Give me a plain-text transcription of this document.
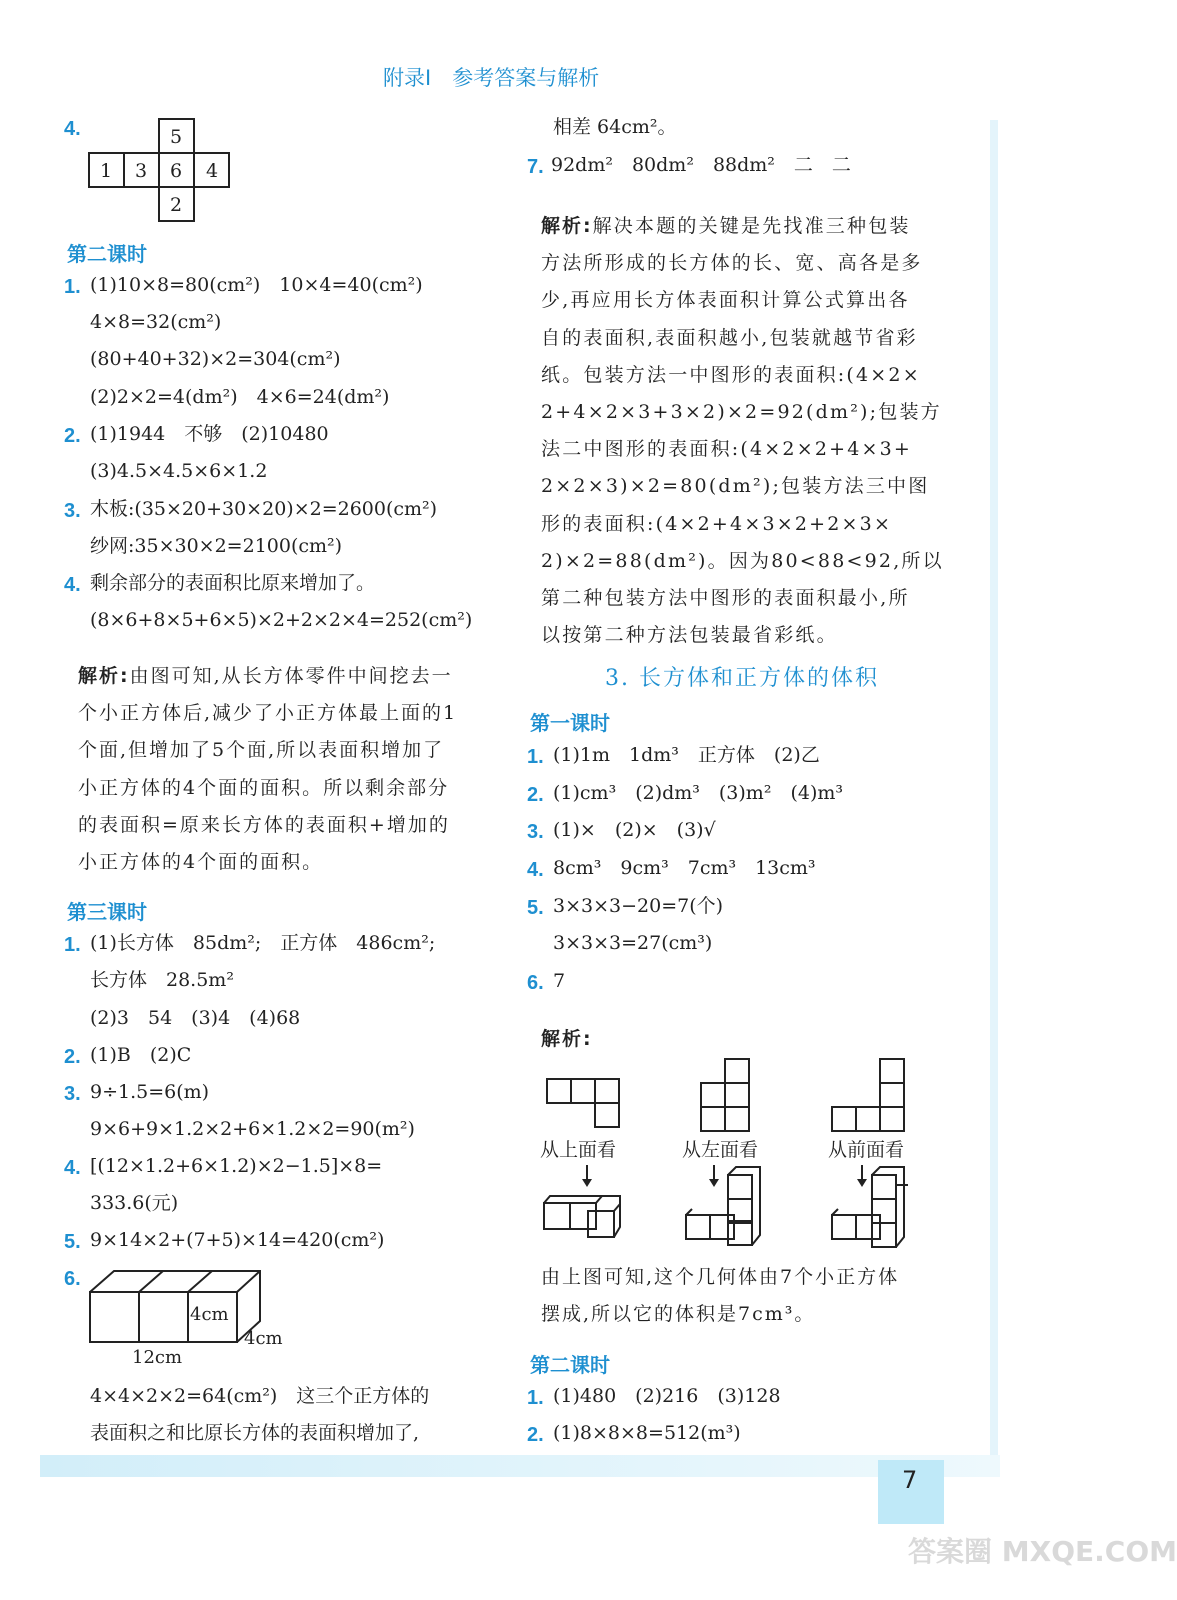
附录Ⅰ　参考答案与解析
4.
第二课时
1. (1)10×8=80(cm²)　10×4=40(cm²)
4×8=32(cm²)
(80+40+32)×2=304(cm²)
(2)2×2=4(dm²)　4×6=24(dm²)
2. (1)1944　不够　(2)10480
(3)4.5×4.5×6×1.2
3. 木板:(35×20+30×20)×2=2600(cm²)
纱网:35×30×2=2100(cm²)
4. 剩余部分的表面积比原来增加了。
(8×6+8×5+6×5)×2+2×2×4=252(cm²)
第三课时
1. (1)长方体　85dm²;　正方体　486cm²;
长方体　28.5m²
(2)3　54　(3)4　(4)68
2. (1)B　(2)C
3. 9÷1.5=6(m)
9×6+9×1.2×2+6×1.2×2=90(m²)
4. [(12×1.2+6×1.2)×2−1.5]×8=
333.6(元)
5. 9×14×2+(7+5)×14=420(cm²)
6.
4×4×2×2=64(cm²)　这三个正方体的
表面积之和比原长方体的表面积增加了,
相差 64cm²。
7. 92dm²　80dm²　88dm²　二　二
3. 长方体和正方体的体积
第一课时
1. (1)1m　1dm³　正方体　(2)乙
2. (1)cm³　(2)dm³　(3)m²　(4)m³
3. (1)×　(2)×　(3)√
4. 8cm³　9cm³　7cm³　13cm³
5. 3×3×3−20=7(个)
3×3×3=27(cm³)
6. 7
第二课时
1. (1)480　(2)216　(3)128
2. (1)8×8×8=512(m³)
5
1 3 6 4
2
解析:由图可知,从长方体零件中间挖去一
个小正方体后,减少了小正方体最上面的1
个面,但增加了5个面,所以表面积增加了
小正方体的4个面的面积。所以剩余部分
的表面积=原来长方体的表面积+增加的
小正方体的4个面的面积。
4cm
4cm
12cm
解析:解决本题的关键是先找准三种包装
方法所形成的长方体的长、宽、高各是多
少,再应用长方体表面积计算公式算出各
自的表面积,表面积越小,包装就越节省彩
纸。包装方法一中图形的表面积:(4×2×
2+4×2×3+3×2)×2=92(dm²);包装方
法二中图形的表面积:(4×2×2+4×3+
2×2×3)×2=80(dm²);包装方法三中图
形的表面积:(4×2+4×3×2+2×3×
2)×2=88(dm²)。因为80<88<92,所以
第二种包装方法中图形的表面积最小,所
以按第二种方法包装最省彩纸。
解析:
从上面看	从左面看	从前面看
由上图可知,这个几何体由7个小正方体
摆成,所以它的体积是7cm³。
7
答案圈 MXQE.COM
